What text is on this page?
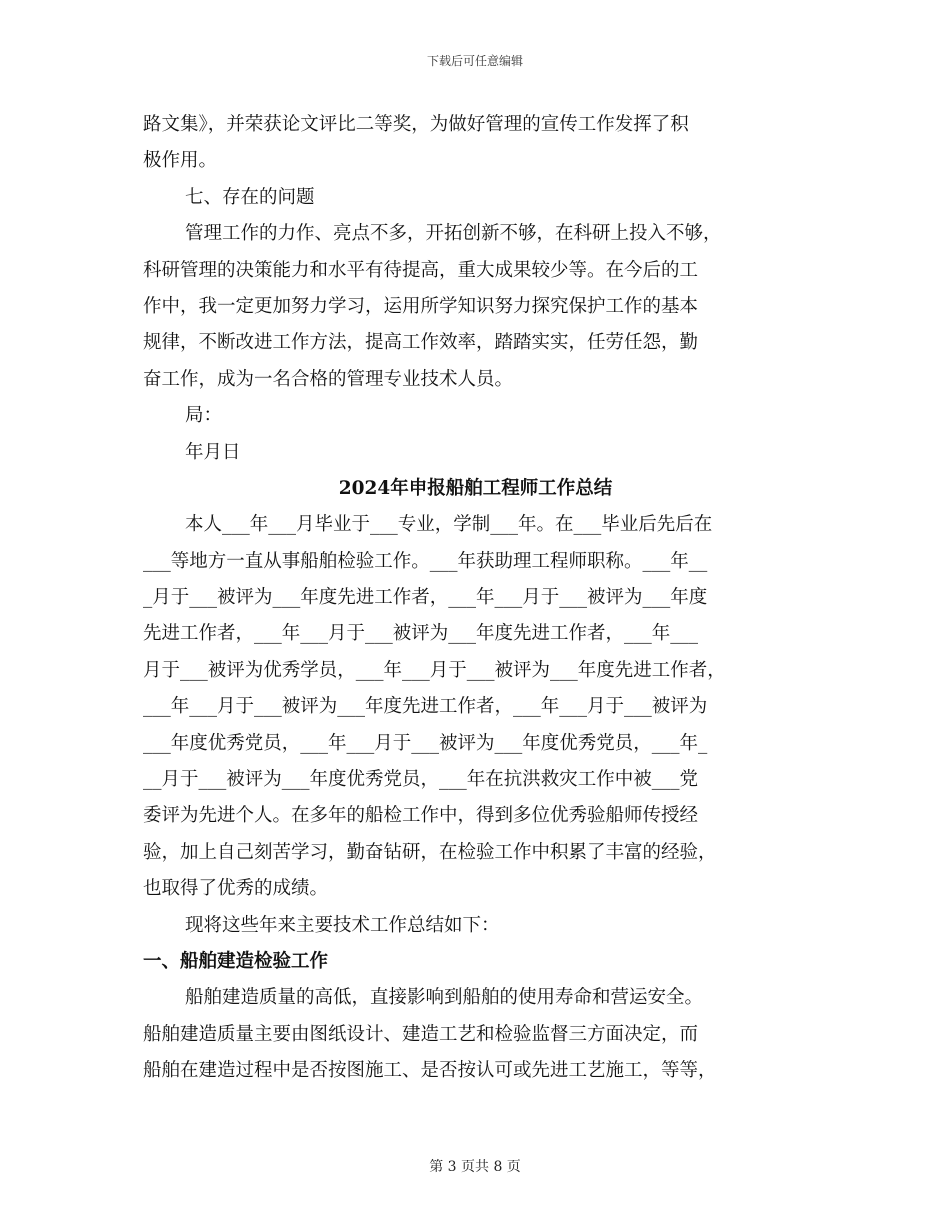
下载后可任意编辑
路文集》，并荣获论文评比二等奖，为做好管理的宣传工作发挥了积
极作用。
七、存在的问题
管理工作的力作、亮点不多，开拓创新不够，在科研上投入不够，
科研管理的决策能力和水平有待提高，重大成果较少等。在今后的工
作中，我一定更加努力学习，运用所学知识努力探究保护工作的基本
规律，不断改进工作方法，提高工作效率，踏踏实实，任劳任怨，勤
奋工作，成为一名合格的管理专业技术人员。
局：
年月日
2024年申报船舶工程师工作总结
本人___年___月毕业于___专业，学制___年。在___毕业后先后在
___等地方一直从事船舶检验工作。___年获助理工程师职称。___年__
_月于___被评为___年度先进工作者，___年___月于___被评为___年度
先进工作者，___年___月于___被评为___年度先进工作者，___年___
月于___被评为优秀学员，___年___月于___被评为___年度先进工作者，
___年___月于___被评为___年度先进工作者，___年___月于___被评为
___年度优秀党员，___年___月于___被评为___年度优秀党员，___年_
__月于___被评为___年度优秀党员，___年在抗洪救灾工作中被___党
委评为先进个人。在多年的船检工作中，得到多位优秀验船师传授经
验，加上自己刻苦学习，勤奋钻研，在检验工作中积累了丰富的经验，
也取得了优秀的成绩。
现将这些年来主要技术工作总结如下：
一、船舶建造检验工作
船舶建造质量的高低，直接影响到船舶的使用寿命和营运安全。
船舶建造质量主要由图纸设计、建造工艺和检验监督三方面决定，而
船舶在建造过程中是否按图施工、是否按认可或先进工艺施工，等等，
第 3 页共 8 页
